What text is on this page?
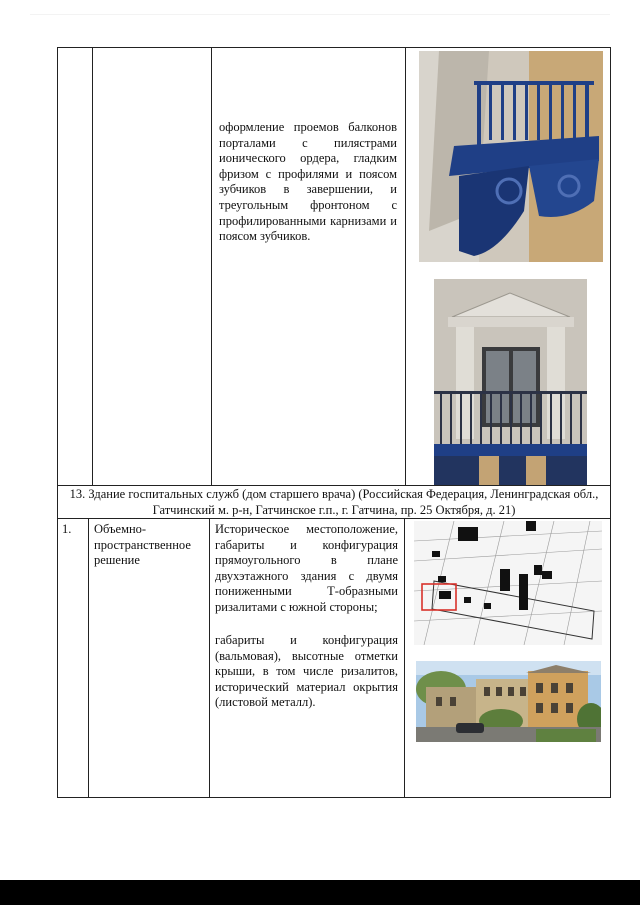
оформление проемов балконов порталами с пилястрами ионического ордера, гладким фризом с профилями и поясом зубчиков в завершении, и треугольным фронтоном с профилированными карнизами и поясом зубчиков.
13. Здание госпитальных служб (дом старшего врача) (Российская Федерация, Ленинградская обл.,
Гатчинский м. р-н, Гатчинское г.п., г. Гатчина, пр. 25 Октября, д. 21)
1.	Объемно-пространственное решение
Историческое местоположение, габариты и конфигурация прямоугольного в плане двухэтажного здания с двумя пониженными Т-образными ризалитами с южной стороны;
габариты и конфигурация (вальмовая), высотные отметки крыши, в том числе ризалитов, исторический материал окрытия (листовой металл).
